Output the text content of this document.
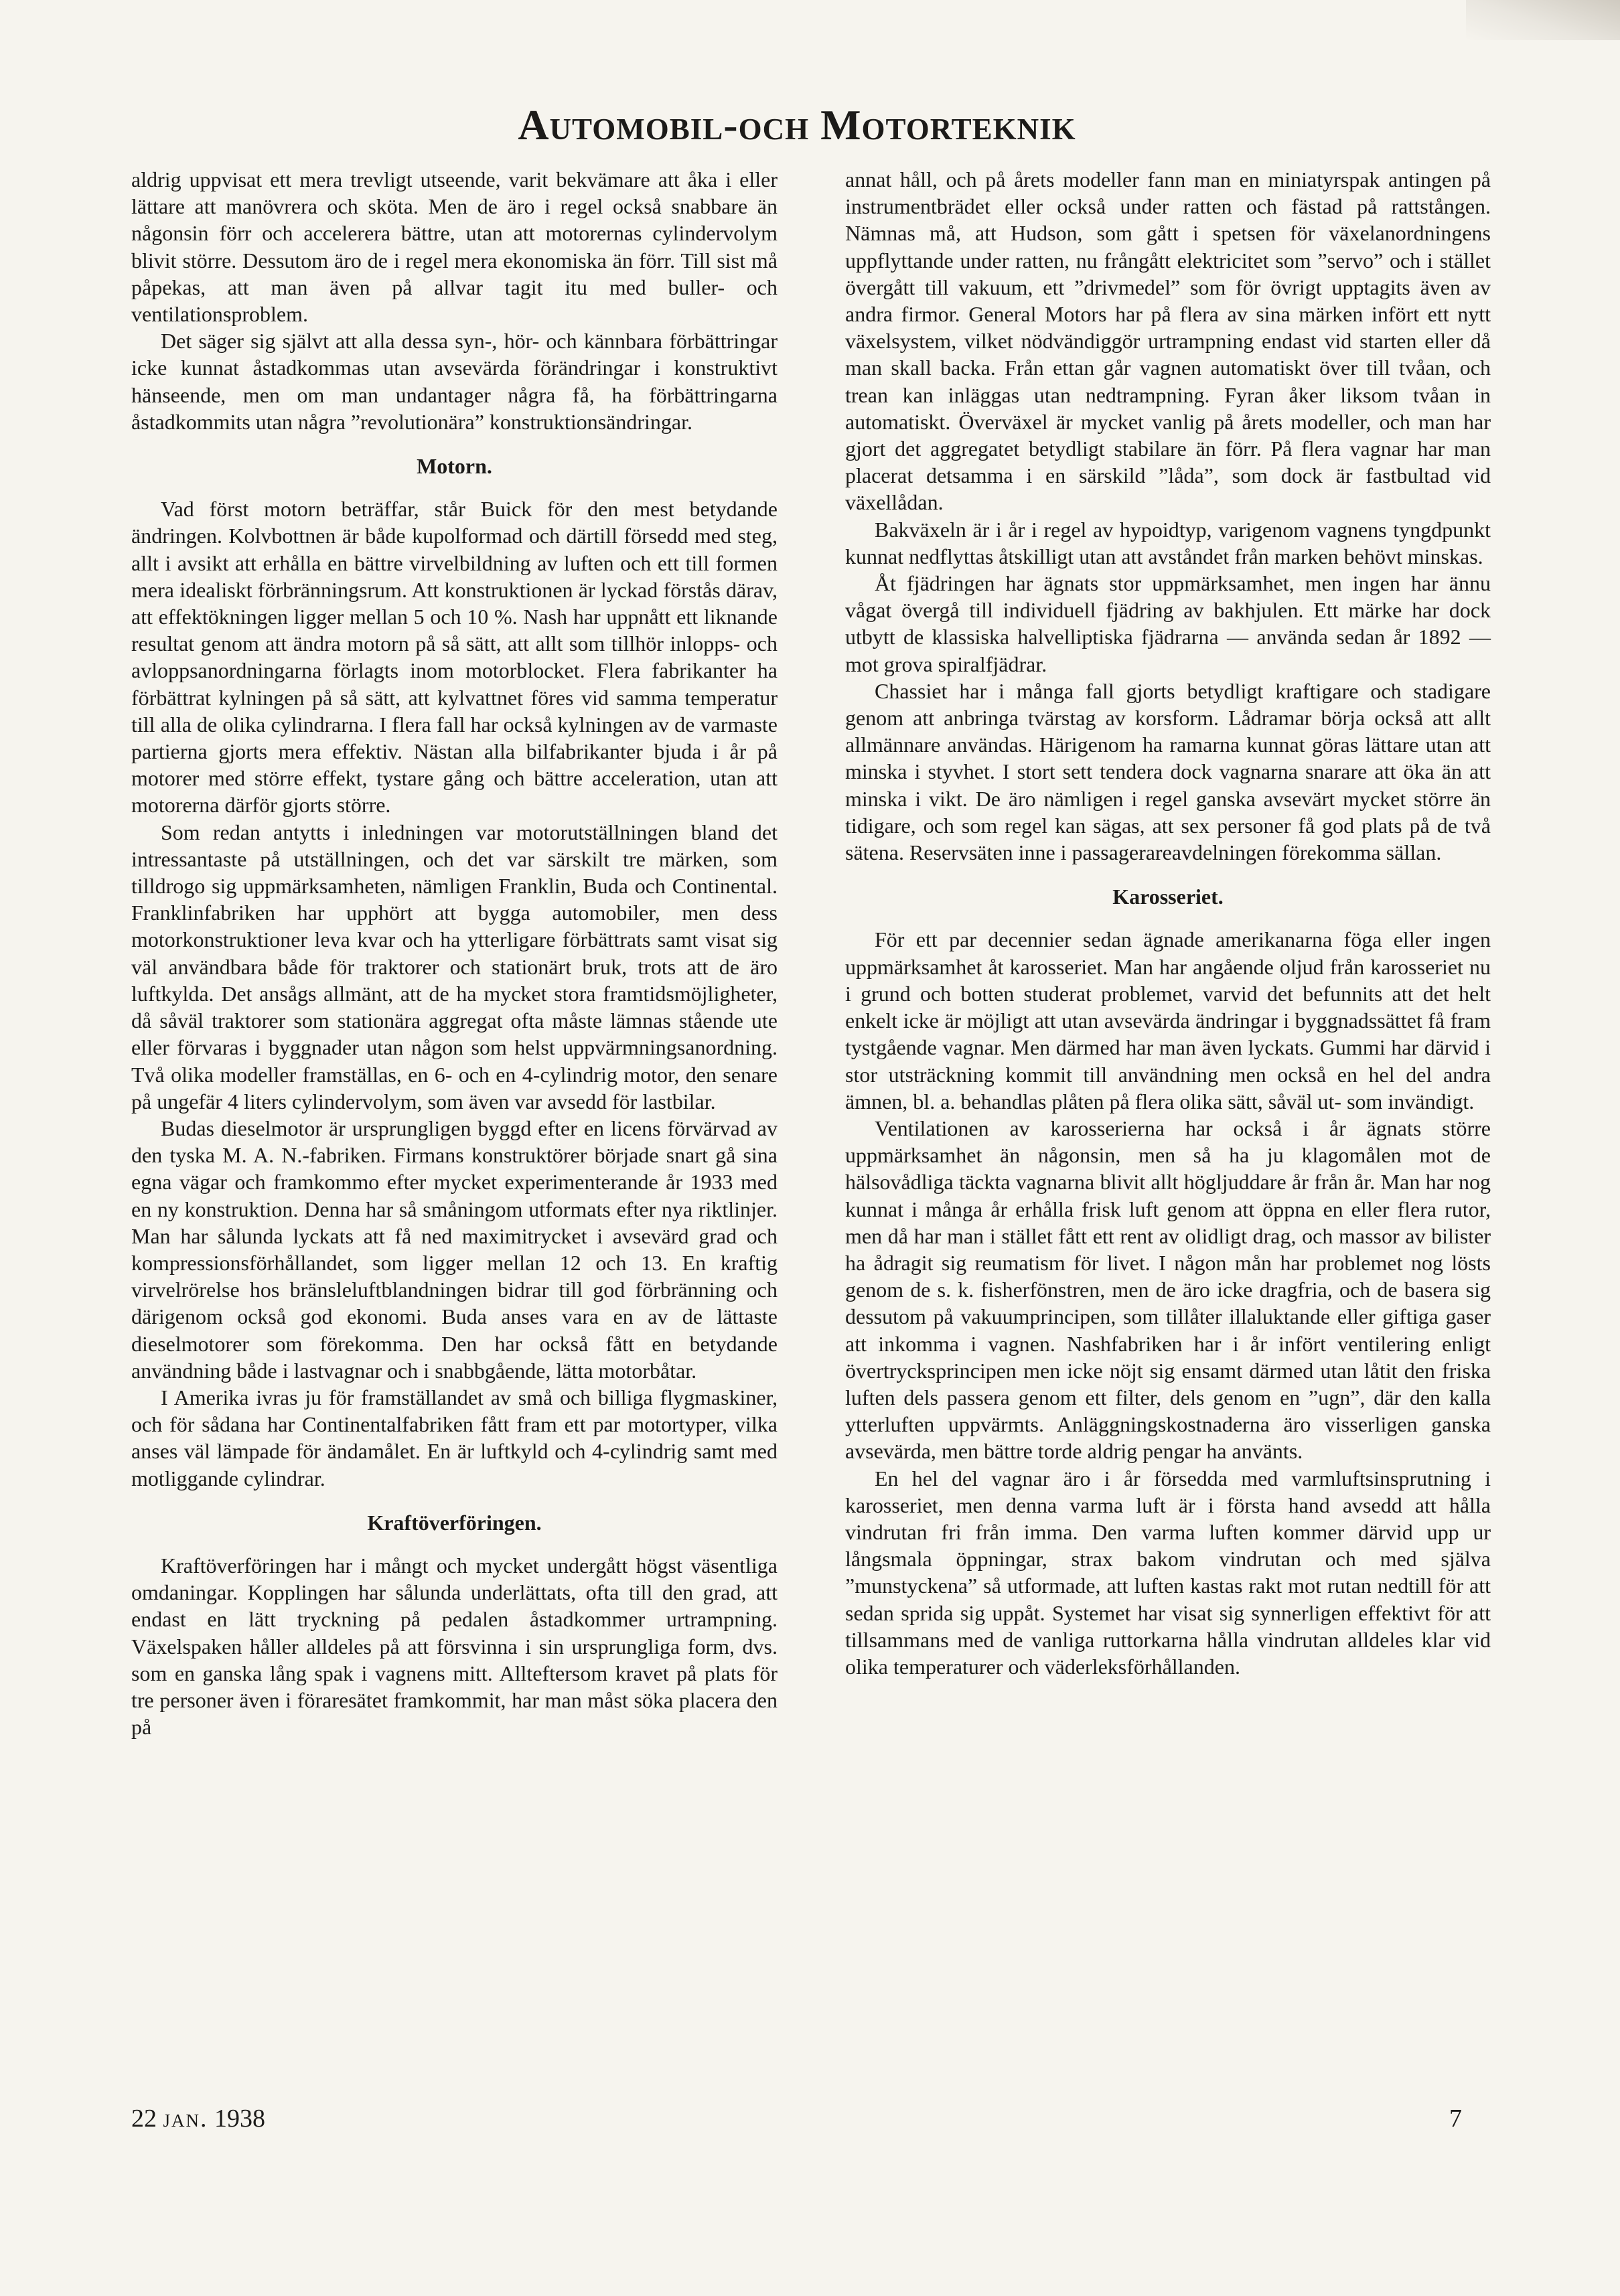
Automobil-och Motorteknik

aldrig uppvisat ett mera trevligt utseende, varit bekvämare att åka i eller lättare att manövrera och sköta. Men de äro i regel också snabbare än någonsin förr och accelerera bättre, utan att motorernas cylindervolym blivit större. Dessutom äro de i regel mera ekonomiska än förr. Till sist må påpekas, att man även på allvar tagit itu med buller- och ventilationsproblem.

Det säger sig självt att alla dessa syn-, hör- och kännbara förbättringar icke kunnat åstadkommas utan avsevärda förändringar i konstruktivt hänseende, men om man undantager några få, ha förbättringarna åstadkommits utan några ”revolutionära” konstruktionsändringar.

Motorn.

Vad först motorn beträffar, står Buick för den mest betydande ändringen. Kolvbottnen är både kupolformad och därtill försedd med steg, allt i avsikt att erhålla en bättre virvelbildning av luften och ett till formen mera idealiskt förbränningsrum. Att konstruktionen är lyckad förstås därav, att effektökningen ligger mellan 5 och 10 %. Nash har uppnått ett liknande resultat genom att ändra motorn på så sätt, att allt som tillhör inlopps- och avloppsanordningarna förlagts inom motorblocket. Flera fabrikanter ha förbättrat kylningen på så sätt, att kylvattnet föres vid samma temperatur till alla de olika cylindrarna. I flera fall har också kylningen av de varmaste partierna gjorts mera effektiv. Nästan alla bilfabrikanter bjuda i år på motorer med större effekt, tystare gång och bättre acceleration, utan att motorerna därför gjorts större.

Som redan antytts i inledningen var motorutställningen bland det intressantaste på utställningen, och det var särskilt tre märken, som tilldrogo sig uppmärksamheten, nämligen Franklin, Buda och Continental. Franklinfabriken har upphört att bygga automobiler, men dess motorkonstruktioner leva kvar och ha ytterligare förbättrats samt visat sig väl användbara både för traktorer och stationärt bruk, trots att de äro luftkylda. Det ansågs allmänt, att de ha mycket stora framtidsmöjligheter, då såväl traktorer som stationära aggregat ofta måste lämnas stående ute eller förvaras i byggnader utan någon som helst uppvärmningsanordning. Två olika modeller framställas, en 6- och en 4-cylindrig motor, den senare på ungefär 4 liters cylindervolym, som även var avsedd för lastbilar.

Budas dieselmotor är ursprungligen byggd efter en licens förvärvad av den tyska M. A. N.-fabriken. Firmans konstruktörer började snart gå sina egna vägar och framkommo efter mycket experimenterande år 1933 med en ny konstruktion. Denna har så småningom utformats efter nya riktlinjer. Man har sålunda lyckats att få ned maximitrycket i avsevärd grad och kompressionsförhållandet, som ligger mellan 12 och 13. En kraftig virvelrörelse hos bränsleluftblandningen bidrar till god förbränning och därigenom också god ekonomi. Buda anses vara en av de lättaste dieselmotorer som förekomma. Den har också fått en betydande användning både i lastvagnar och i snabbgående, lätta motorbåtar.

I Amerika ivras ju för framställandet av små och billiga flygmaskiner, och för sådana har Continentalfabriken fått fram ett par motortyper, vilka anses väl lämpade för ändamålet. En är luftkyld och 4-cylindrig samt med motliggande cylindrar.

Kraftöverföringen.

Kraftöverföringen har i mångt och mycket undergått högst väsentliga omdaningar. Kopplingen har sålunda underlättats, ofta till den grad, att endast en lätt tryckning på pedalen åstadkommer urtrampning. Växelspaken håller alldeles på att försvinna i sin ursprungliga form, dvs. som en ganska lång spak i vagnens mitt. Allteftersom kravet på plats för tre personer även i föraresätet framkommit, har man måst söka placera den på

annat håll, och på årets modeller fann man en miniatyrspak antingen på instrumentbrädet eller också under ratten och fästad på rattstången. Nämnas må, att Hudson, som gått i spetsen för växelanordningens uppflyttande under ratten, nu frångått elektricitet som ”servo” och i stället övergått till vakuum, ett ”drivmedel” som för övrigt upptagits även av andra firmor. General Motors har på flera av sina märken infört ett nytt växelsystem, vilket nödvändiggör urtrampning endast vid starten eller då man skall backa. Från ettan går vagnen automatiskt över till tvåan, och trean kan inläggas utan nedtrampning. Fyran åker liksom tvåan in automatiskt. Överväxel är mycket vanlig på årets modeller, och man har gjort det aggregatet betydligt stabilare än förr. På flera vagnar har man placerat detsamma i en särskild ”låda”, som dock är fastbultad vid växellådan.

Bakväxeln är i år i regel av hypoidtyp, varigenom vagnens tyngdpunkt kunnat nedflyttas åtskilligt utan att avståndet från marken behövt minskas.

Åt fjädringen har ägnats stor uppmärksamhet, men ingen har ännu vågat övergå till individuell fjädring av bakhjulen. Ett märke har dock utbytt de klassiska halvelliptiska fjädrarna — använda sedan år 1892 — mot grova spiralfjädrar.

Chassiet har i många fall gjorts betydligt kraftigare och stadigare genom att anbringa tvärstag av korsform. Lådramar börja också att allt allmännare användas. Härigenom ha ramarna kunnat göras lättare utan att minska i styvhet. I stort sett tendera dock vagnarna snarare att öka än att minska i vikt. De äro nämligen i regel ganska avsevärt mycket större än tidigare, och som regel kan sägas, att sex personer få god plats på de två sätena. Reservsäten inne i passagerareavdelningen förekomma sällan.

Karosseriet.

För ett par decennier sedan ägnade amerikanarna föga eller ingen uppmärksamhet åt karosseriet. Man har angående oljud från karosseriet nu i grund och botten studerat problemet, varvid det befunnits att det helt enkelt icke är möjligt att utan avsevärda ändringar i byggnadssättet få fram tystgående vagnar. Men därmed har man även lyckats. Gummi har därvid i stor utsträckning kommit till användning men också en hel del andra ämnen, bl. a. behandlas plåten på flera olika sätt, såväl ut- som invändigt.

Ventilationen av karosserierna har också i år ägnats större uppmärksamhet än någonsin, men så ha ju klagomålen mot de hälsovådliga täckta vagnarna blivit allt högljuddare år från år. Man har nog kunnat i många år erhålla frisk luft genom att öppna en eller flera rutor, men då har man i stället fått ett rent av olidligt drag, och massor av bilister ha ådragit sig reumatism för livet. I någon mån har problemet nog lösts genom de s. k. fisherfönstren, men de äro icke dragfria, och de basera sig dessutom på vakuumprincipen, som tillåter illaluktande eller giftiga gaser att inkomma i vagnen. Nashfabriken har i år infört ventilering enligt övertrycksprincipen men icke nöjt sig ensamt därmed utan låtit den friska luften dels passera genom ett filter, dels genom en ”ugn”, där den kalla ytterluften uppvärmts. Anläggningskostnaderna äro visserligen ganska avsevärda, men bättre torde aldrig pengar ha använts.

En hel del vagnar äro i år försedda med varmluftsinsprutning i karosseriet, men denna varma luft är i första hand avsedd att hålla vindrutan fri från imma. Den varma luften kommer därvid upp ur långsmala öppningar, strax bakom vindrutan och med själva ”munstyckena” så utformade, att luften kastas rakt mot rutan nedtill för att sedan sprida sig uppåt. Systemet har visat sig synnerligen effektivt för att tillsammans med de vanliga ruttorkarna hålla vindrutan alldeles klar vid olika temperaturer och väderleksförhållanden.

22 jan. 1938	7
